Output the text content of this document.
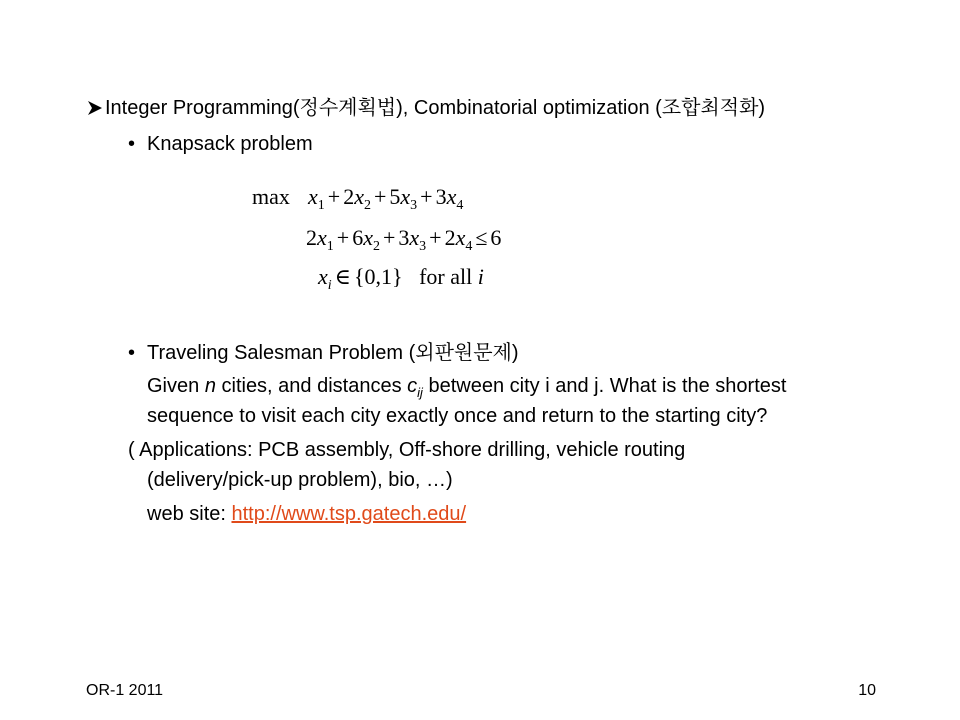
Integer Programming(정수계획법), Combinatorial optimization (조합최적화)
• Knapsack problem
$\max x_1 + 2x_2 + 5x_3 + 3x_4$
$2x_1 + 6x_2 + 3x_3 + 2x_4 \le 6$
$x_i$ ∈ {0,1} for all i
• Traveling Salesman Problem (외판원문제)
Given n cities, and distances $c_{ij}$ between city i and j. What is the shortest
sequence to visit each city exactly once and return to the starting city?
( Applications: PCB assembly, Off-shore drilling, vehicle routing
(delivery/pick-up problem), bio, …)
web site: http://www.tsp.gatech.edu/
OR-1 2011	10
